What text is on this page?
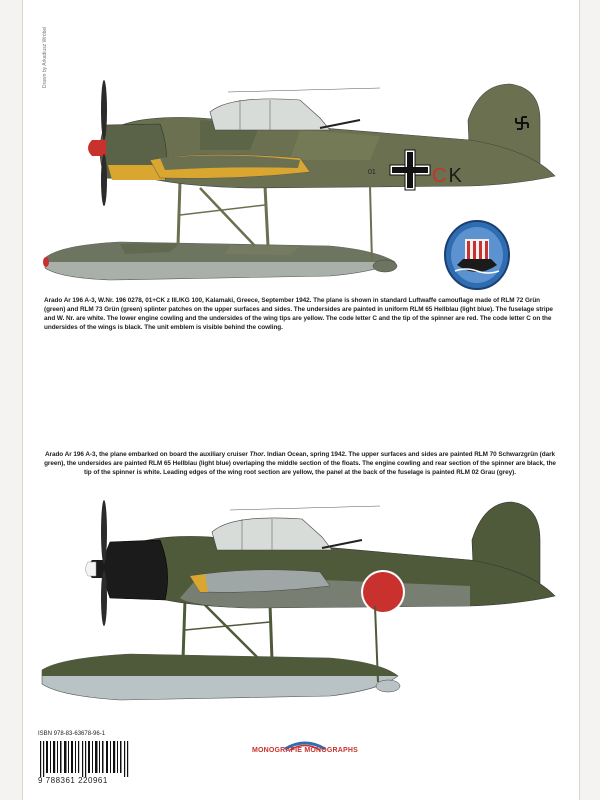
Drawn by Arkadiusz Wróbel
01	C K
Arado Ar 196 A-3, W.Nr. 196 0278, 01+CK z III./KG 100, Kalamaki, Greece, September 1942. The plane is shown in standard Luftwaffe camouflage made of RLM 72 Grün (green) and RLM 73 Grün (green) splinter patches on the upper surfaces and sides. The undersides are painted in uniform RLM 65 Hellblau (light blue). The fuselage stripe and W. Nr. are white. The lower engine cowling and the undersides of the wing tips are yellow. The code letter C and the tip of the spinner are red. The code letter C on the undersides of the wings is black. The unit emblem is visible behind the cowling.
Arado Ar 196 A-3, the plane embarked on board the auxiliary cruiser Thor. Indian Ocean, spring 1942. The upper surfaces and sides are painted RLM 70 Schwarzgrün (dark green), the undersides are painted RLM 65 Hellblau (light blue) overlaping the middle section of the floats. The engine cowling and rear section of the spinner are black, the tip of the spinner is white. Leading edges of the wing root section are yellow, the panel at the back of the fuselage is painted RLM 02 Grau (grey).
ISBN 978-83-63678-96-1
9 788361 220961
MONOGRAFIE MONOGRAPHS
